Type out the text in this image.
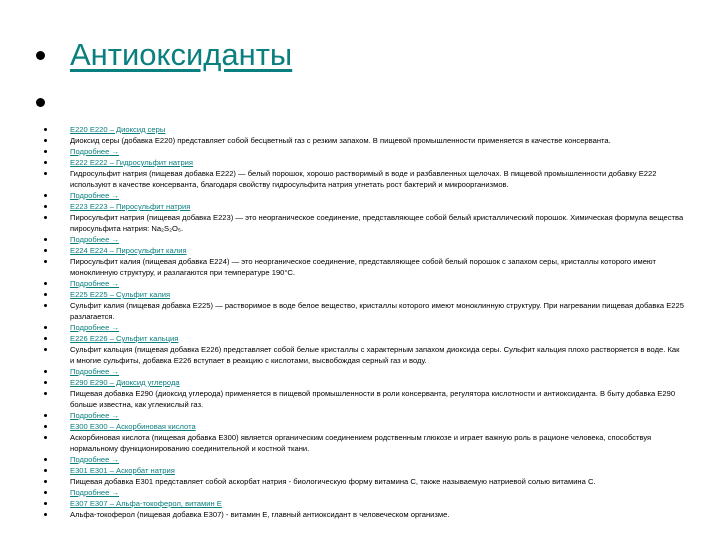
Антиоксиданты
E220 E220 – Диоксид серы
Диоксид серы (добавка E220) представляет собой бесцветный газ с резким запахом. В пищевой промышленности применяется в качестве консерванта.
Подробнее →
E222 E222 – Гидросульфит натрия
Гидросульфит натрия (пищевая добавка E222) — белый порошок, хорошо растворимый в воде и разбавленных щелочах. В пищевой промышленности добавку E222 используют в качестве консерванта, благодаря свойству гидросульфита натрия угнетать рост бактерий и микроорганизмов.
Подробнее →
E223 E223 – Пиросульфит натрия
Пиросульфит натрия (пищевая добавка E223) — это неорганическое соединение, представляющее собой белый кристаллический порошок. Химическая формула вещества пиросульфита натрия: Na₂S₂O₅.
Подробнее →
E224 E224 – Пиросульфит калия
Пиросульфит калия (пищевая добавка E224) — это неорганическое соединение, представляющее собой белый порошок с запахом серы, кристаллы которого имеют моноклинную структуру, и разлагаются при температуре 190°C.
Подробнее →
E225 E225 – Сульфит калия
Сульфит калия (пищевая добавка E225) — растворимое в воде белое вещество, кристаллы которого имеют моноклинную структуру. При нагревании пищевая добавка E225 разлагается.
Подробнее →
E226 E226 – Сульфит кальция
Сульфит кальция (пищевая добавка E226) представляет собой белые кристаллы с характерным запахом диоксида серы. Сульфит кальция плохо растворяется в воде. Как и многие сульфиты, добавка E226 вступает в реакцию с кислотами, высвобождая серный газ и воду.
Подробнее →
E290 E290 – Диоксид углерода
Пищевая добавка E290 (диоксид углерода) применяется в пищевой промышленности в роли консерванта, регулятора кислотности и антиоксиданта. В быту добавка E290 больше известна, как углекислый газ.
Подробнее →
E300 E300 – Аскорбиновая кислота
Аскорбиновая кислота (пищевая добавка E300) является органическим соединением родственным глюкозе и играет важную роль в рационе человека, способствуя нормальному функционированию соединительной и костной ткани.
Подробнее →
E301 E301 – Аскорбат натрия
Пищевая добавка E301 представляет собой аскорбат натрия - биологическую форму витамина С, также называемую натриевой солью витамина С.
Подробнее →
E307 E307 – Альфа-токоферол, витамин E
Альфа-токоферол (пищевая добавка E307) - витамин Е, главный антиоксидант в человеческом организме.
